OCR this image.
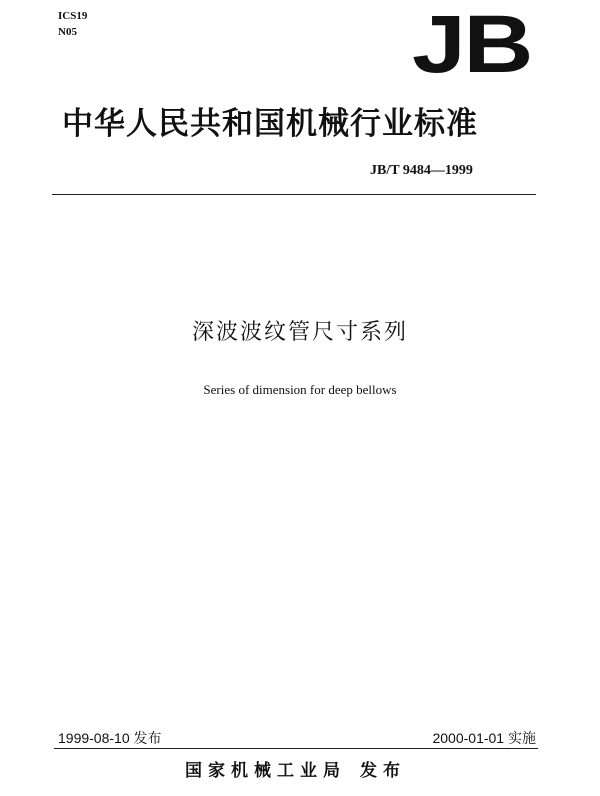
ICS19
N05	JB
中华人民共和国机械行业标准
JB/T 9484—1999
深波波纹管尺寸系列
Series of dimension for deep bellows
1999-08-10 发布	2000-01-01 实施
国家机械工业局 发布
